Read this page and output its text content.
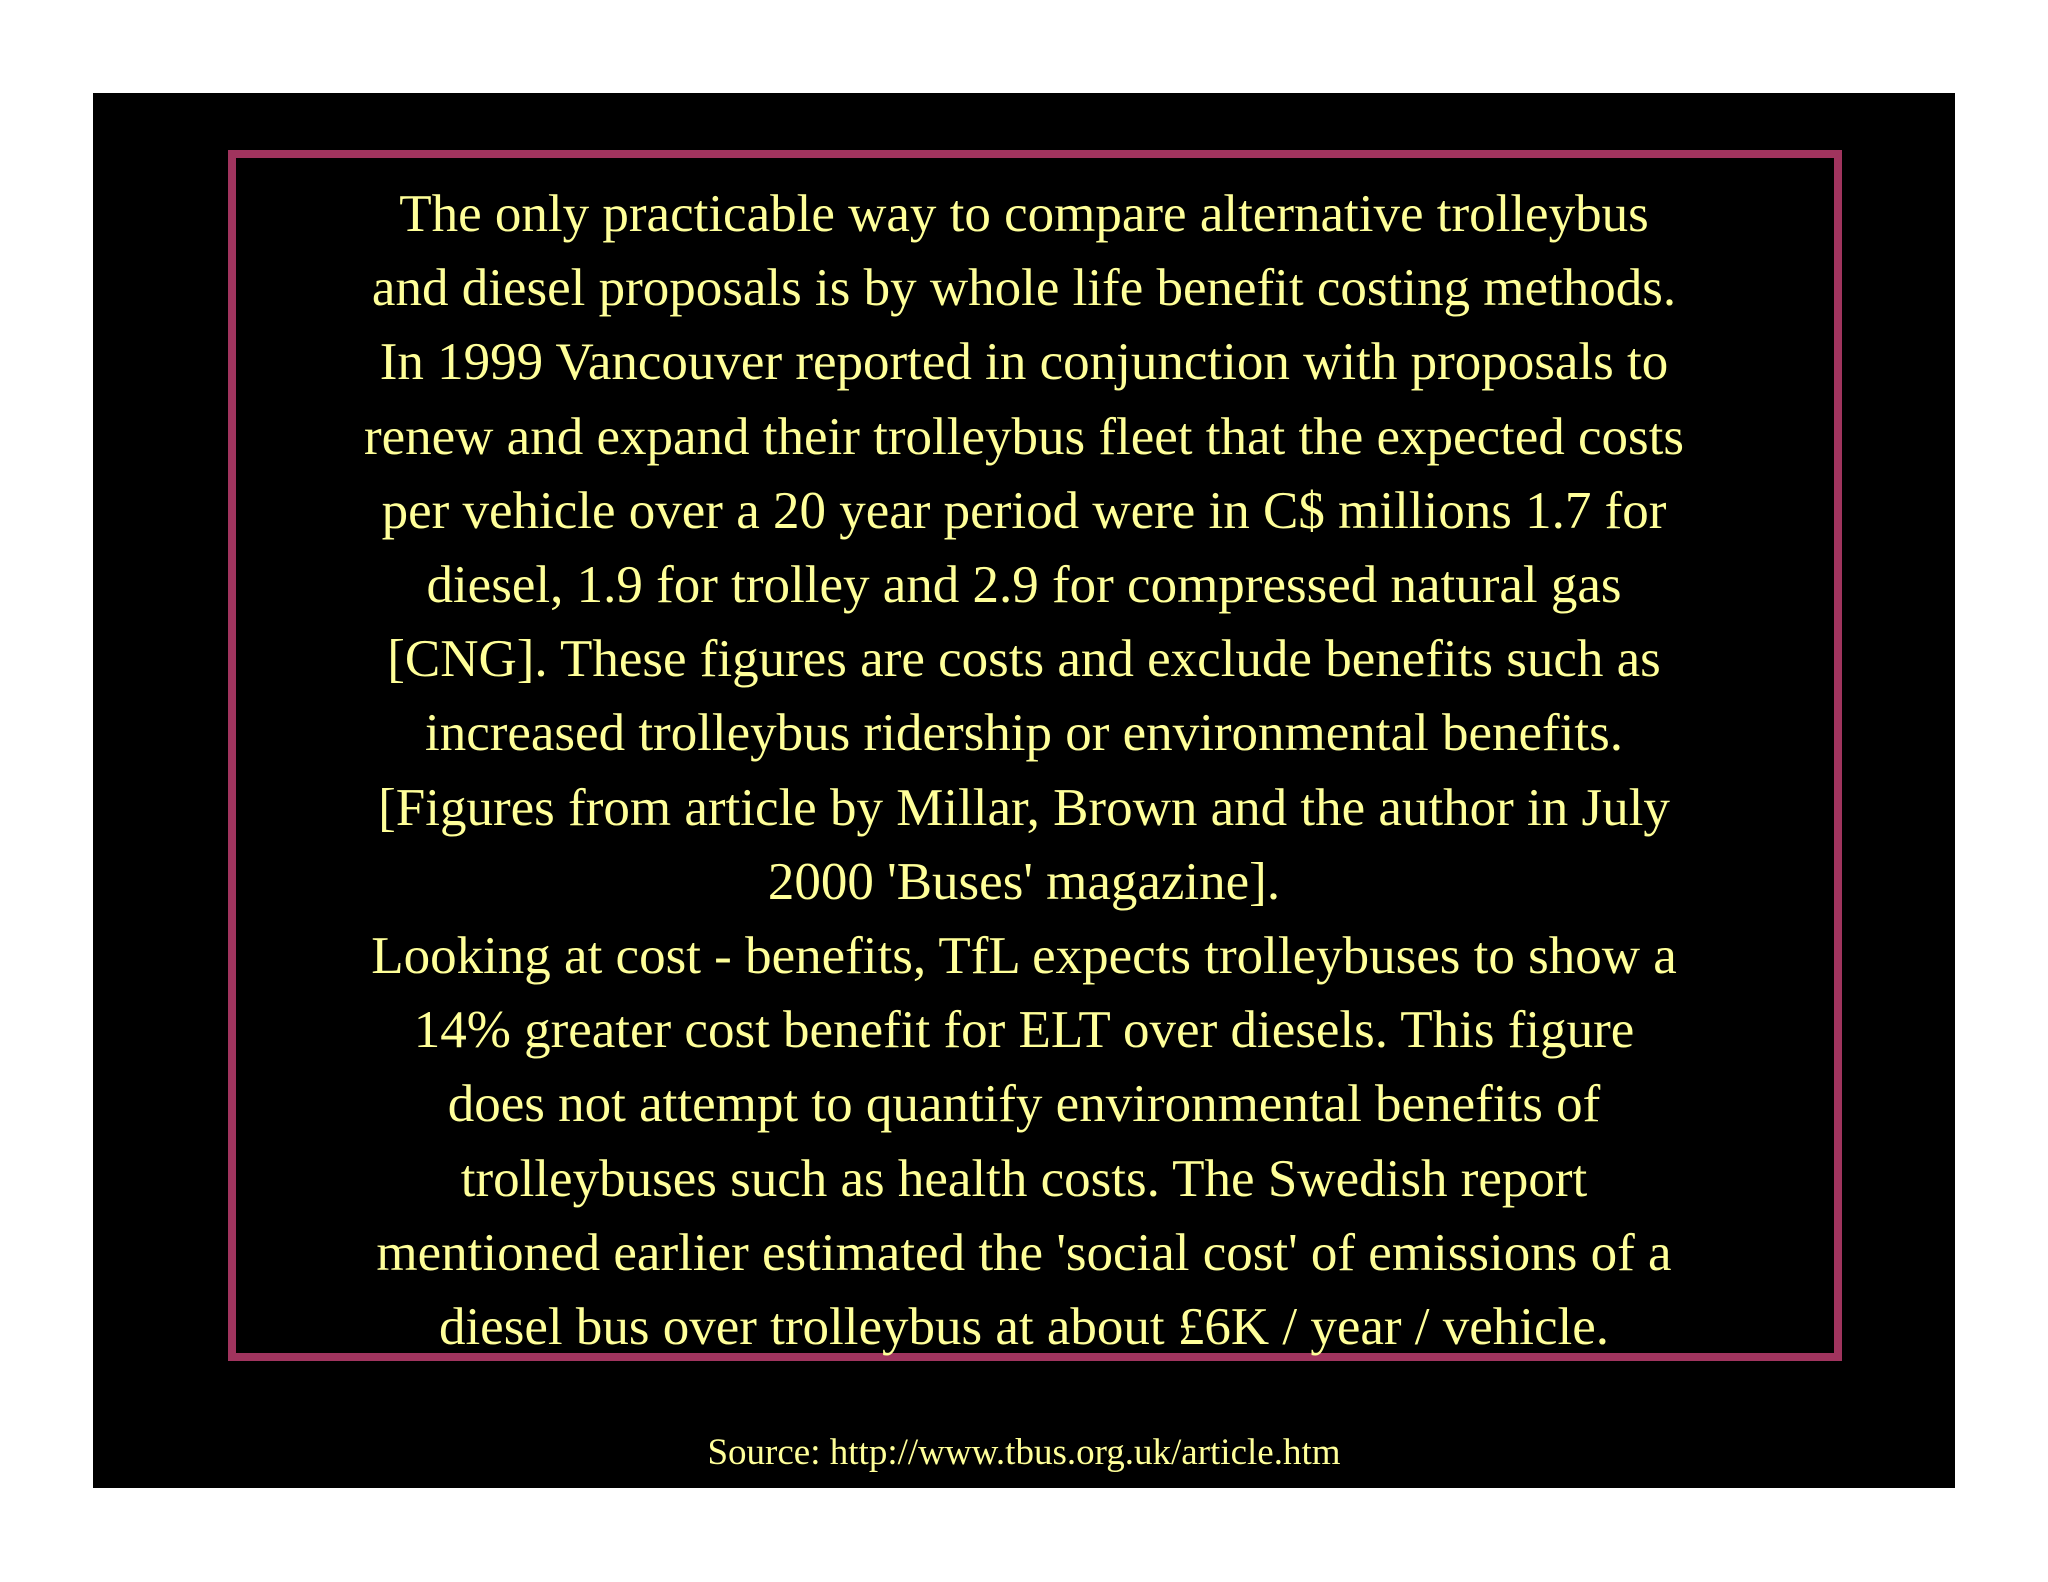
The only practicable way to compare alternative trolleybus
and diesel proposals is by whole life benefit costing methods.
In 1999 Vancouver reported in conjunction with proposals to
renew and expand their trolleybus fleet that the expected costs
per vehicle over a 20 year period were in C$ millions 1.7 for
diesel, 1.9 for trolley and 2.9 for compressed natural gas
[CNG]. These figures are costs and exclude benefits such as
increased trolleybus ridership or environmental benefits.
[Figures from article by Millar, Brown and the author in July
2000 'Buses' magazine].
Looking at cost - benefits, TfL expects trolleybuses to show a
14% greater cost benefit for ELT over diesels. This figure
does not attempt to quantify environmental benefits of
trolleybuses such as health costs. The Swedish report
mentioned earlier estimated the 'social cost' of emissions of a
diesel bus over trolleybus at about £6K / year / vehicle.
Source: http://www.tbus.org.uk/article.htm
